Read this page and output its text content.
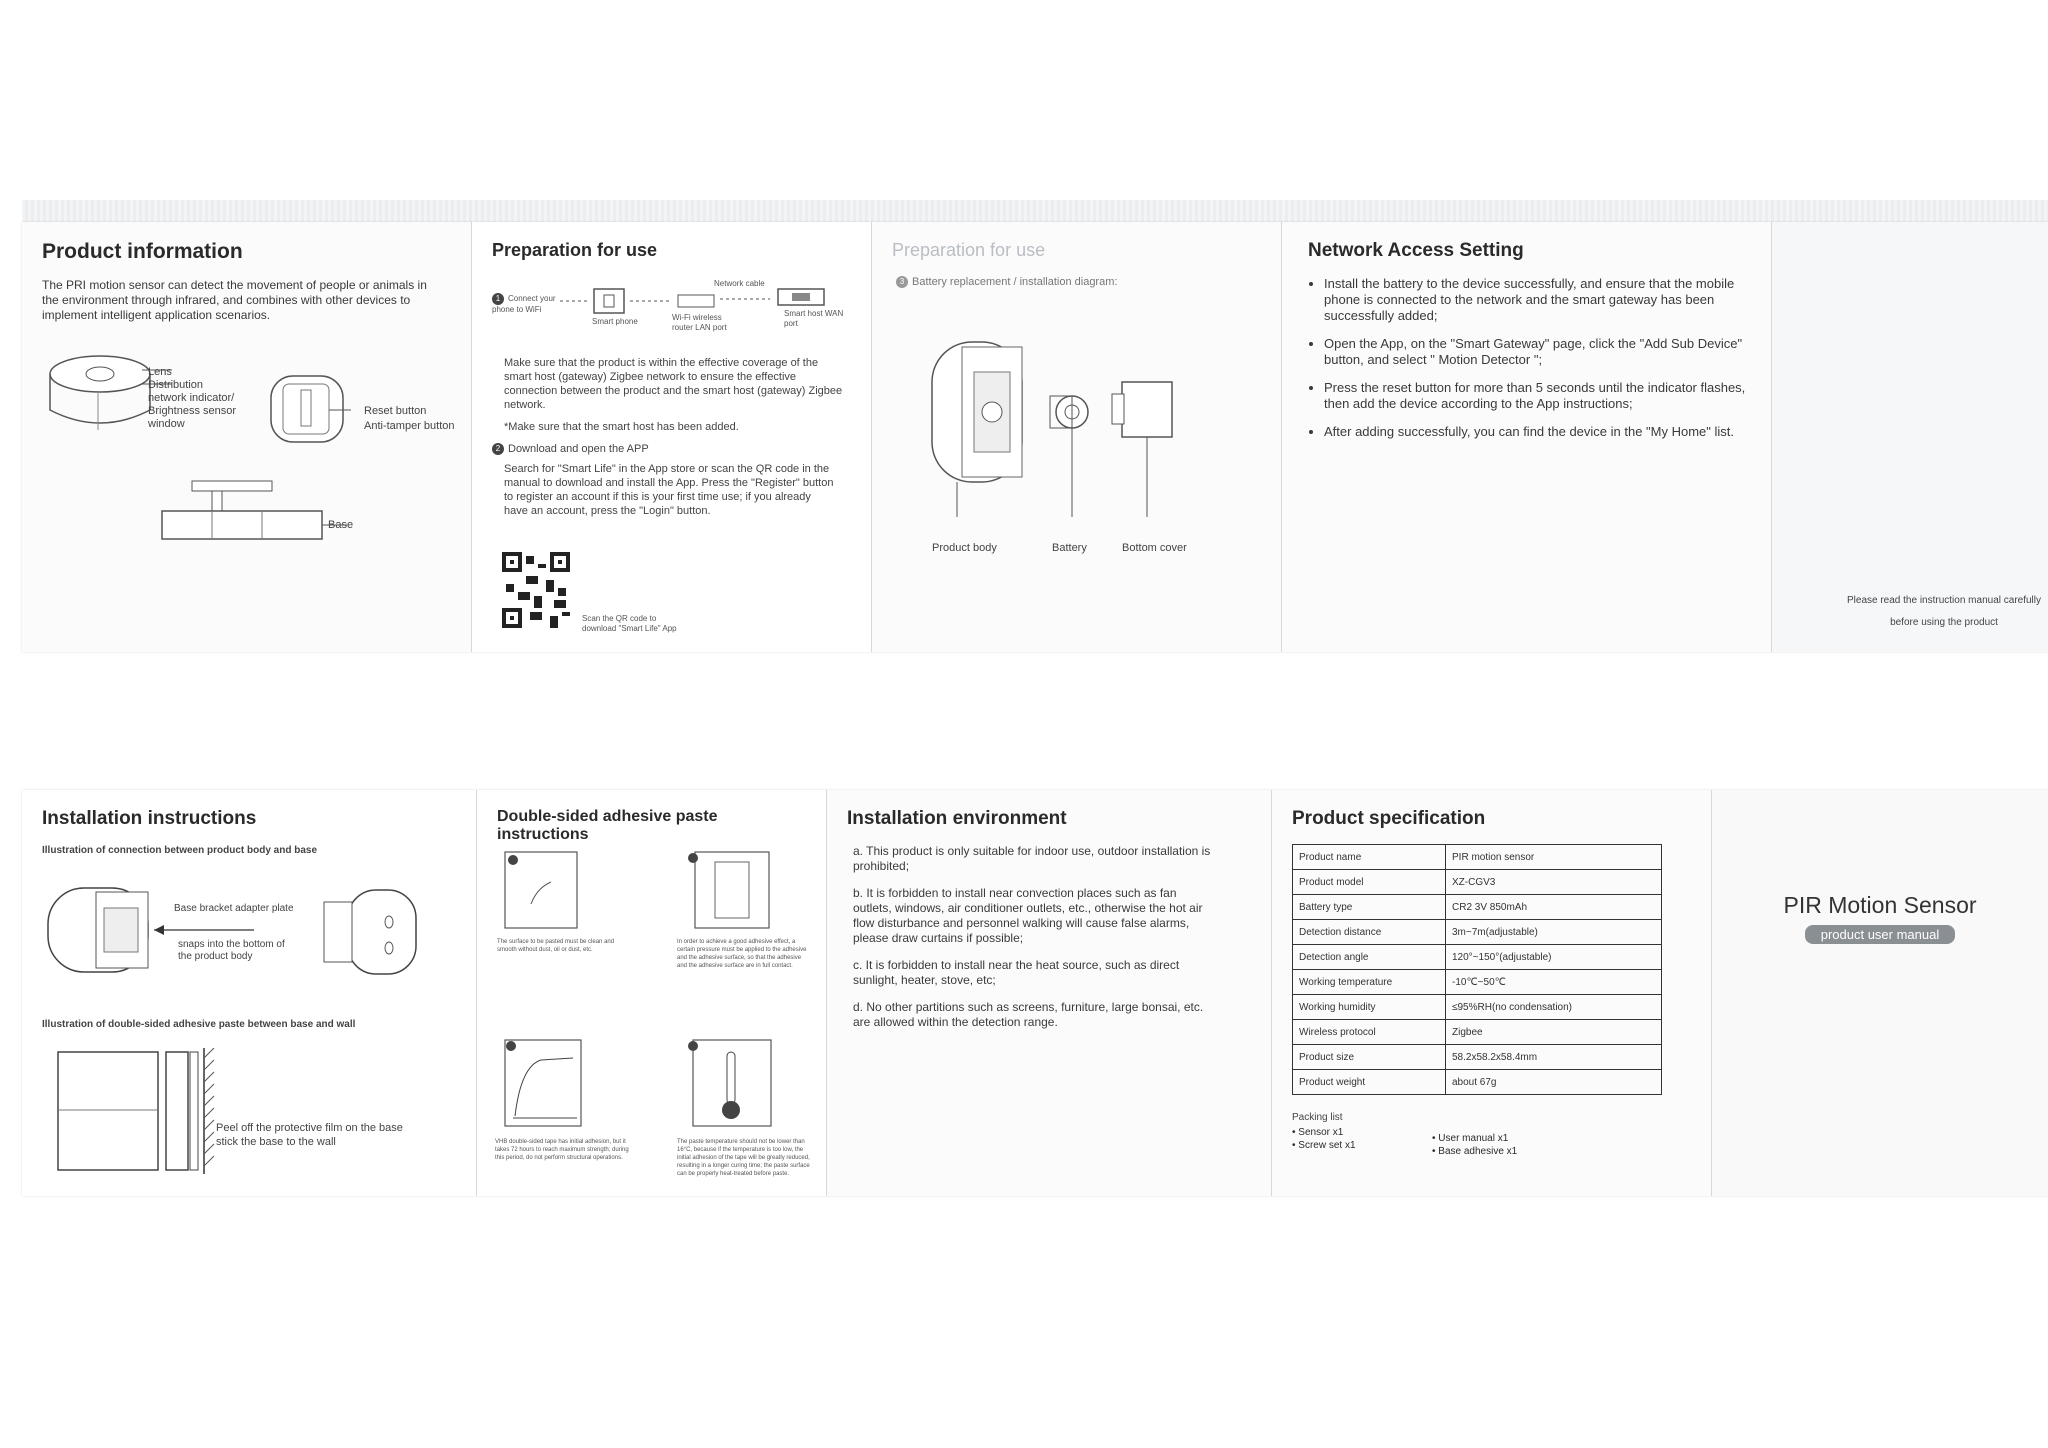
Product information

The PRI motion sensor can detect the movement of people or animals in the environment through infrared, and combines with other devices to implement intelligent application scenarios.

Lens
Distribution
network indicator/
Brightness sensor
window
Reset button
Anti-tamper button
Base
Preparation for use
1 Connect your phone to WiFi
Smart phone	Wi-Fi wireless router LAN port
Network cable
Smart host WAN port

Make sure that the product is within the effective coverage of the smart host (gateway) Zigbee network to ensure the effective connection between the product and the smart host (gateway) Zigbee network.

*Make sure that the smart host has been added.

2 Download and open the APP

Search for "Smart Life" in the App store or scan the QR code in the manual to download and install the App. Press the "Register" button to register an account if this is your first time use; if you already have an account, press the "Login" button.

Scan the QR code to download "Smart Life" App
Preparation for use
3 Battery replacement / installation diagram:
Product body	Battery	Bottom cover
Network Access Setting
• Install the battery to the device successfully, and ensure that the mobile phone is connected to the network and the smart gateway has been successfully added;
• Open the App, on the "Smart Gateway" page, click the "Add Sub Device" button, and select " Motion Detector ";
• Press the reset button for more than 5 seconds until the indicator flashes, then add the device according to the App instructions;
• After adding successfully, you can find the device in the "My Home" list.
Please read the instruction manual carefully
before using the product
Installation instructions
Illustration of connection between product body and base
Base bracket adapter plate
snaps into the bottom of
the product body
Illustration of double-sided adhesive paste between base and wall
Peel off the protective film on the base
stick the base to the wall
Double-sided adhesive paste instructions
The surface to be pasted must be clean and smooth without dust, oil or dust, etc.
In order to achieve a good adhesive effect, a certain pressure must be applied to the adhesive and the adhesive surface, so that the adhesive and the adhesive surface are in full contact.
VHB double-sided tape has initial adhesion, but it takes 72 hours to reach maximum strength; during this period, do not perform structural operations.
The paste temperature should not be lower than 16°C, because if the temperature is too low, the initial adhesion of the tape will be greatly reduced, resulting in a longer curing time; the paste surface can be properly heat-treated before paste.
Installation environment
a. This product is only suitable for indoor use, outdoor installation is prohibited;
b. It is forbidden to install near convection places such as fan outlets, windows, air conditioner outlets, etc., otherwise the hot air flow disturbance and personnel walking will cause false alarms, please draw curtains if possible;
c. It is forbidden to install near the heat source, such as direct sunlight, heater, stove, etc;
d. No other partitions such as screens, furniture, large bonsai, etc. are allowed within the detection range.
Product specification
Product name	PIR motion sensor
Product model	XZ-CGV3
Battery type	CR2 3V 850mAh
Detection distance	3m~7m(adjustable)
Detection angle	120°~150°(adjustable)
Working temperature	-10℃~50℃
Working humidity	≤95%RH(no condensation)
Wireless protocol	Zigbee
Product size	58.2x58.2x58.4mm
Product weight	about 67g
Packing list
• Sensor x1
• Screw set x1
• User manual x1
• Base adhesive x1
PIR Motion Sensor
product user manual
